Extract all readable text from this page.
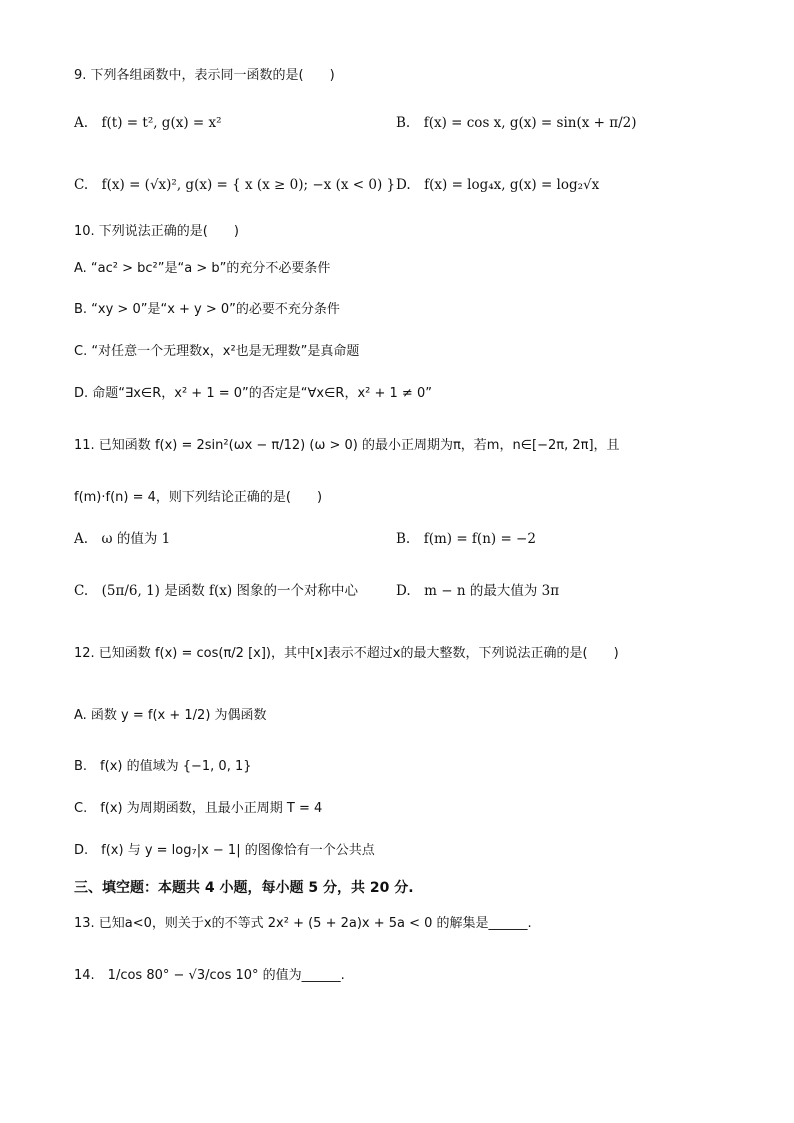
9. 下列各组函数中，表示同一函数的是(　　)
A.　f(t) = t², g(x) = x²	B.　f(x) = cos x, g(x) = sin(x + π/2)
C.　f(x) = (√x)², g(x) = { x (x ≥ 0); −x (x < 0) } D.　f(x) = log₄x, g(x) = log₂√x
10. 下列说法正确的是(　　)
A. “ac² > bc²”是“a > b”的充分不必要条件
B. “xy > 0”是“x + y > 0”的必要不充分条件
C. “对任意一个无理数x，x²也是无理数”是真命题
D. 命题“∃x∈R，x² + 1 = 0”的否定是“∀x∈R，x² + 1 ≠ 0”
11. 已知函数 f(x) = 2sin²(ωx − π/12) (ω > 0) 的最小正周期为π，若m，n∈[−2π, 2π]，且
f(m)·f(n) = 4，则下列结论正确的是(　　)
A.　ω 的值为 1	B.　f(m) = f(n) = −2
C.　(5π/6, 1) 是函数 f(x) 图象的一个对称中心	D.　m − n 的最大值为 3π
12. 已知函数 f(x) = cos(π/2 [x])，其中[x]表示不超过x的最大整数，下列说法正确的是(　　)
A. 函数 y = f(x + 1/2) 为偶函数
B.　f(x) 的值域为 {−1, 0, 1}
C.　f(x) 为周期函数，且最小正周期 T = 4
D.　f(x) 与 y = log₇|x − 1| 的图像恰有一个公共点
三、填空题：本题共 4 小题，每小题 5 分，共 20 分.
13. 已知a<0，则关于x的不等式 2x² + (5 + 2a)x + 5a < 0 的解集是______.
14.　1/cos 80° − √3/cos 10° 的值为______.
